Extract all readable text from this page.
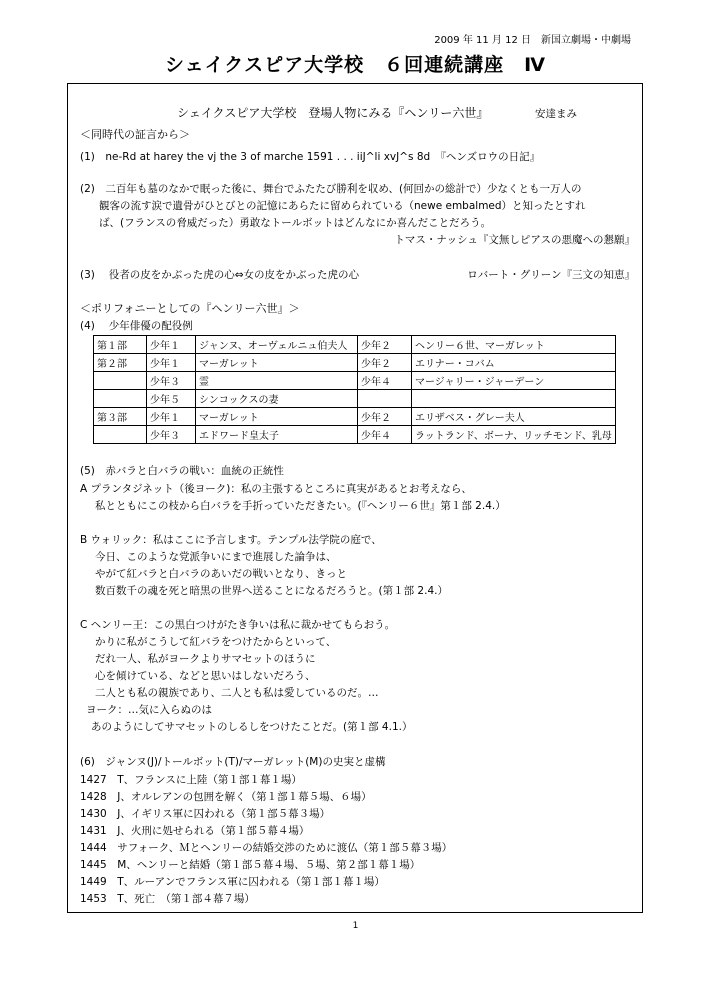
2009 年 11 月 12 日　新国立劇場・中劇場
シェイクスピア大学校　６回連続講座　Ⅳ
シェイクスピア大学校　登場人物にみる『ヘンリー六世』	安達まみ
＜同時代の証言から＞
(1)　ne-Rd at harey the vj the 3 of marche 1591 . . . iiJ^li xvJ^s 8d　『ヘンズロウの日記』
(2)　二百年も墓のなかで眠った後に、舞台でふたたび勝利を収め、(何回かの総計で）少なくとも一万人の
観客の流す涙で遺骨がひとびとの記憶にあらたに留められている（newe embalmed）と知ったとすれ
ば、(フランスの脅威だった）勇敢なトールボットはどんなにか喜んだことだろう。
トマス・ナッシュ『文無しピアスの悪魔への懇願』
(3)　 役者の皮をかぶった虎の心⇔女の皮をかぶった虎の心	ロバート・グリーン『三文の知恵』
＜ポリフォニーとしての『ヘンリー六世』＞
(4)　 少年俳優の配役例
第１部	少年１	ジャンヌ、オーヴェルニュ伯夫人	少年２	ヘンリー６世、マーガレット
第２部	少年１	マーガレット	少年２	エリナー・コバム
	少年３	霊	少年４	マージャリー・ジャーデーン
	少年５	シンコックスの妻		
第３部	少年１	マーガレット	少年２	エリザベス・グレー夫人
	少年３	エドワード皇太子	少年４	ラットランド、ボーナ、リッチモンド、乳母
(5)　赤バラと白バラの戦い：血統の正統性
A プランタジネット（後ヨーク)：私の主張するところに真実があるとお考えなら、
私とともにこの枝から白バラを手折っていただきたい。(『ヘンリー６世』第１部 2.4.）
B ウォリック：私はここに予言します。テンプル法学院の庭で、
今日、このような党派争いにまで進展した論争は、
やがて紅バラと白バラのあいだの戦いとなり、きっと
数百数千の魂を死と暗黒の世界へ送ることになるだろうと。(第１部 2.4.）
C ヘンリー王：この黒白つけがたき争いは私に裁かせてもらおう。
かりに私がこうして紅バラをつけたからといって、
だれ一人、私がヨークよりサマセットのほうに
心を傾けている、などと思いはしないだろう、
二人とも私の親族であり、二人とも私は愛しているのだ。…
ヨーク：…気に入らぬのは
あのようにしてサマセットのしるしをつけたことだ。(第１部 4.1.）
(6)　ジャンヌ(J)/トールボット(T)/マーガレット(M)の史実と虚構
1427　T、フランスに上陸（第１部１幕１場）
1428　J、オルレアンの包囲を解く（第１部１幕５場、６場）
1430　J、イギリス軍に囚われる（第１部５幕３場）
1431　J、火刑に処せられる（第１部５幕４場）
1444　サフォーク、Ｍとヘンリーの結婚交渉のために渡仏（第１部５幕３場）
1445　M、ヘンリーと結婚（第１部５幕４場、５場、第２部１幕１場）
1449　T、ルーアンでフランス軍に囚われる（第１部１幕１場）
1453　T、死亡　（第１部４幕７場）
1
